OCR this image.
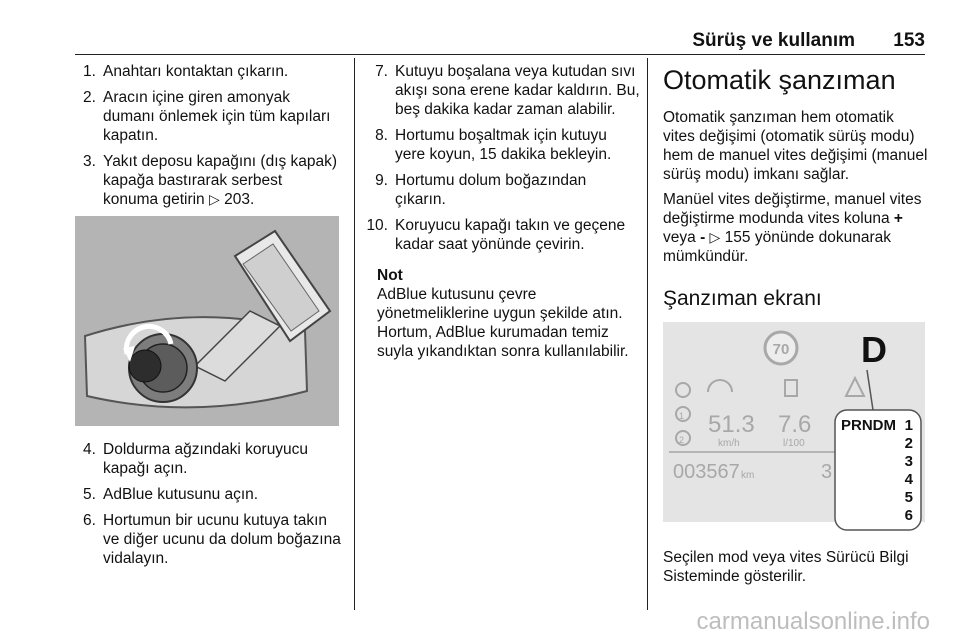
Sürüş ve kullanım 153
1. Anahtarı kontaktan çıkarın.
2. Aracın içine giren amonyak dumanı önlemek için tüm kapıları kapatın.
3. Yakıt deposu kapağını (dış kapak) kapağa bastırarak serbest konuma getirin ▷ 203.
4. Doldurma ağzındaki koruyucu kapağı açın.
5. AdBlue kutusunu açın.
6. Hortumun bir ucunu kutuya takın ve diğer ucunu da dolum boğazına vidalayın.
7. Kutuyu boşalana veya kutudan sıvı akışı sona erene kadar kaldırın. Bu, beş dakika kadar zaman alabilir.
8. Hortumu boşaltmak için kutuyu yere koyun, 15 dakika bekleyin.
9. Hortumu dolum boğazından çıkarın.
10. Koruyucu kapağı takın ve geçene kadar saat yönünde çevirin.
Not
AdBlue kutusunu çevre yönetmeliklerine uygun şekilde atın. Hortum, AdBlue kurumadan temiz suyla yıkandıktan sonra kullanılabilir.
Otomatik şanzıman

Otomatik şanzıman hem otomatik vites değişimi (otomatik sürüş modu) hem de manuel vites değişimi (manuel sürüş modu) imkanı sağlar.

Manüel vites değiştirme, manuel vites değiştirme modunda vites koluna + veya - ▷ 155 yönünde dokunarak mümkündür.

Şanzıman ekranı
70 D
2
1 51.3
km/h
7.6
l/100
003567 km	3
PRNDM 1
2
3
4
5
6

Seçilen mod veya vites Sürücü Bilgi Sisteminde gösterilir.

carmanualsonline.info
